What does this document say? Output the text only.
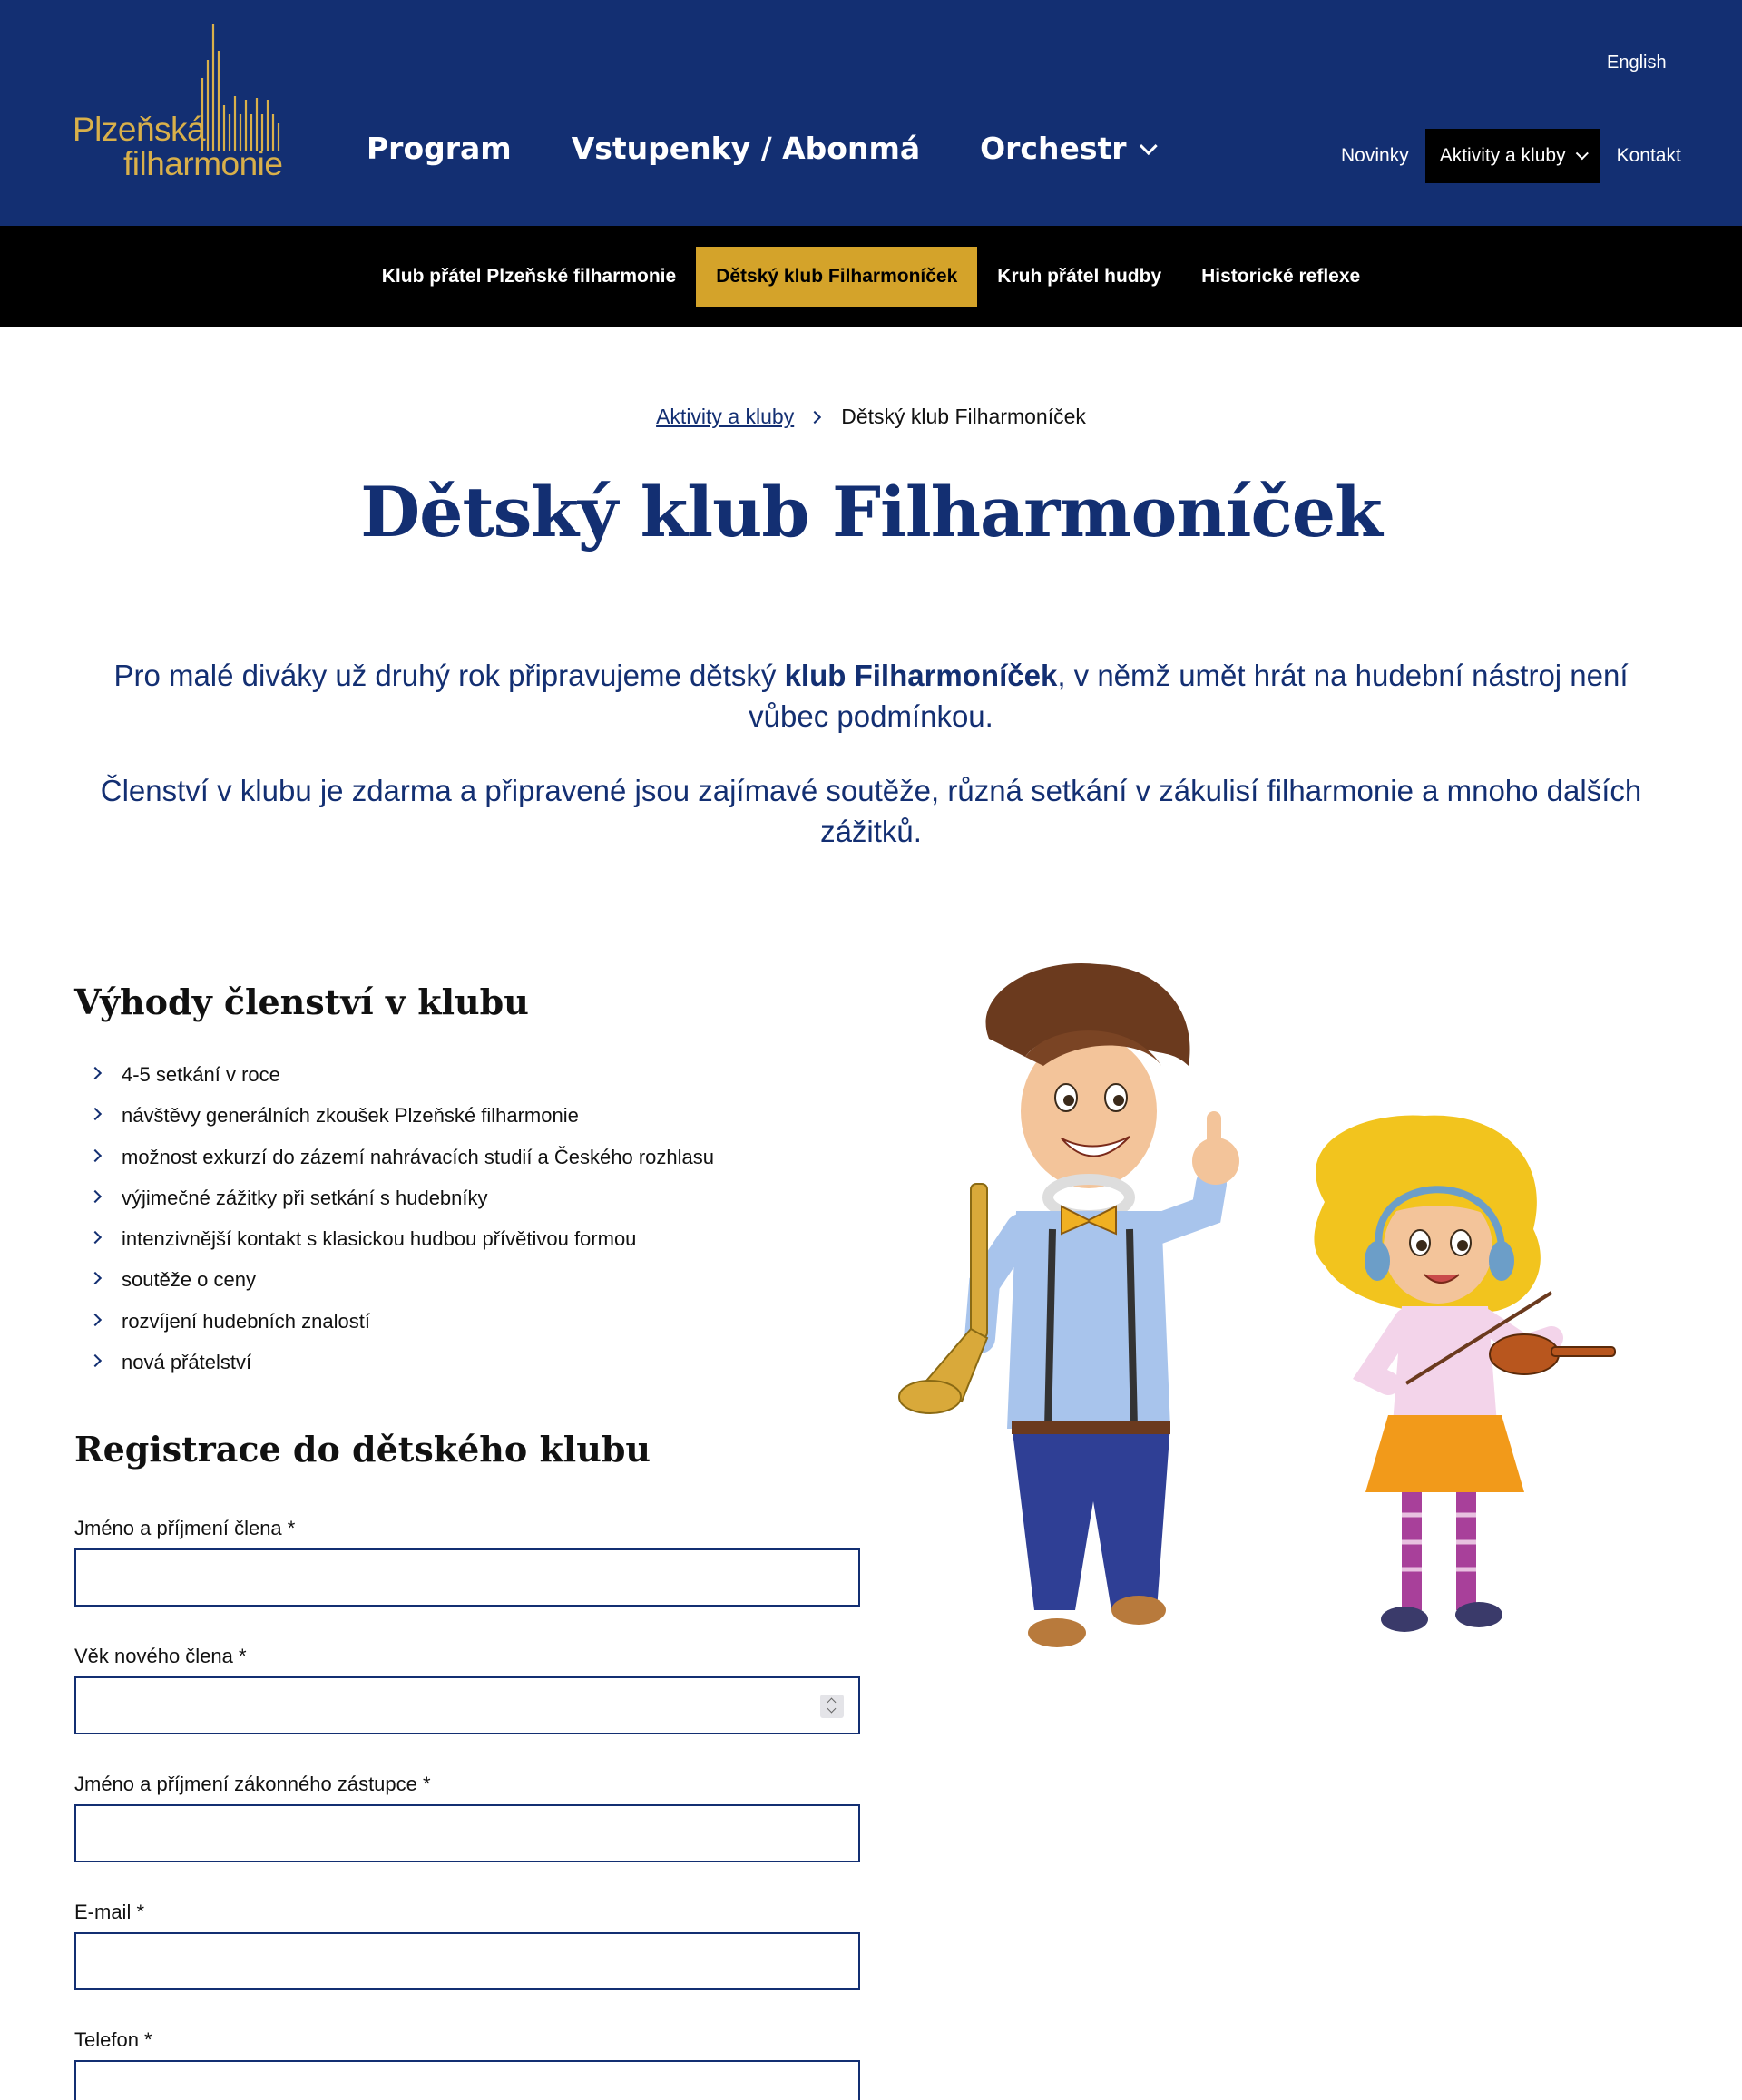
Plzeňská
filharmonie	Program Vstupenky / Abonmá Orchestr
English
Novinky Aktivity a kluby	Kontakt
Klub přátel Plzeňské filharmonie	Dětský klub Filharmoníček	Kruh přátel hudby	Historické reflexe
Aktivity a kluby Dětský klub Filharmoníček
Dětský klub Filharmoníček

Pro malé diváky už druhý rok připravujeme dětský klub Filharmoníček, v němž umět hrát na hudební nástroj není vůbec podmínkou.

Členství v klubu je zdarma a připravené jsou zajímavé soutěže, různá setkání v zákulisí filharmonie a mnoho dalších zážitků.

Výhody členství v klubu
4-5 setkání v roce
návštěvy generálních zkoušek Plzeňské filharmonie
možnost exkurzí do zázemí nahrávacích studií a Českého rozhlasu
výjimečné zážitky při setkání s hudebníky
intenzivnější kontakt s klasickou hudbou přívětivou formou
soutěže o ceny
rozvíjení hudebních znalostí
nová přátelství
Registrace do dětského klubu
Jméno a příjmení člena *
Věk nového člena *
Jméno a příjmení zákonného zástupce *
E-mail *
Telefon *
